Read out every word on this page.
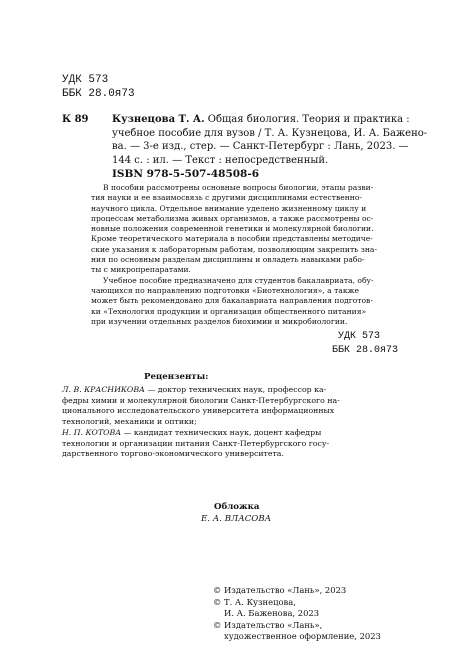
УДК 573
ББК 28.0я73
К 89 Кузнецова Т. А. Общая биология. Теория и практика :
учебное пособие для вузов / Т. А. Кузнецова, И. А. Бажено-
ва. — 3-е изд., стер. — Санкт-Петербург : Лань, 2023. —
144 с. : ил. — Текст : непосредственный.
ISBN 978-5-507-48508-6
В пособии рассмотрены основные вопросы биологии, этапы разви-
тия науки и ее взаимосвязь с другими дисциплинами естественно-
научного цикла. Отдельное внимание уделено жизненному циклу и
процессам метаболизма живых организмов, а также рассмотрены ос-
новные положения современной генетики и молекулярной биологии.
Кроме теоретического материала в пособии представлены методиче-
ские указания к лабораторным работам, позволяющим закрепить зна-
ния по основным разделам дисциплины и овладеть навыками рабо-
ты с микропрепаратами.
Учебное пособие предназначено для студентов бакалавриата, обу-
чающихся по направлению подготовки «Биотехнология», а также
может быть рекомендовано для бакалавриата направления подготов-
ки «Технология продукции и организация общественного питания»
при изучении отдельных разделов биохимии и микробиологии.
УДК 573
ББК 28.0я73
Рецензенты:
Л. В. КРАСНИКОВА — доктор технических наук, профессор ка-
федры химии и молекулярной биологии Санкт-Петербургского на-
ционального исследовательского университета информационных
технологий, механики и оптики;
Н. П. КОТОВА — кандидат технических наук, доцент кафедры
технологии и организации питания Санкт-Петербургского госу-
дарственного торгово-экономического университета.
Обложка
Е. А. ВЛАСОВА
© Издательство «Лань», 2023
© Т. А. Кузнецова,
И. А. Баженова, 2023
© Издательство «Лань»,
художественное оформление, 2023
